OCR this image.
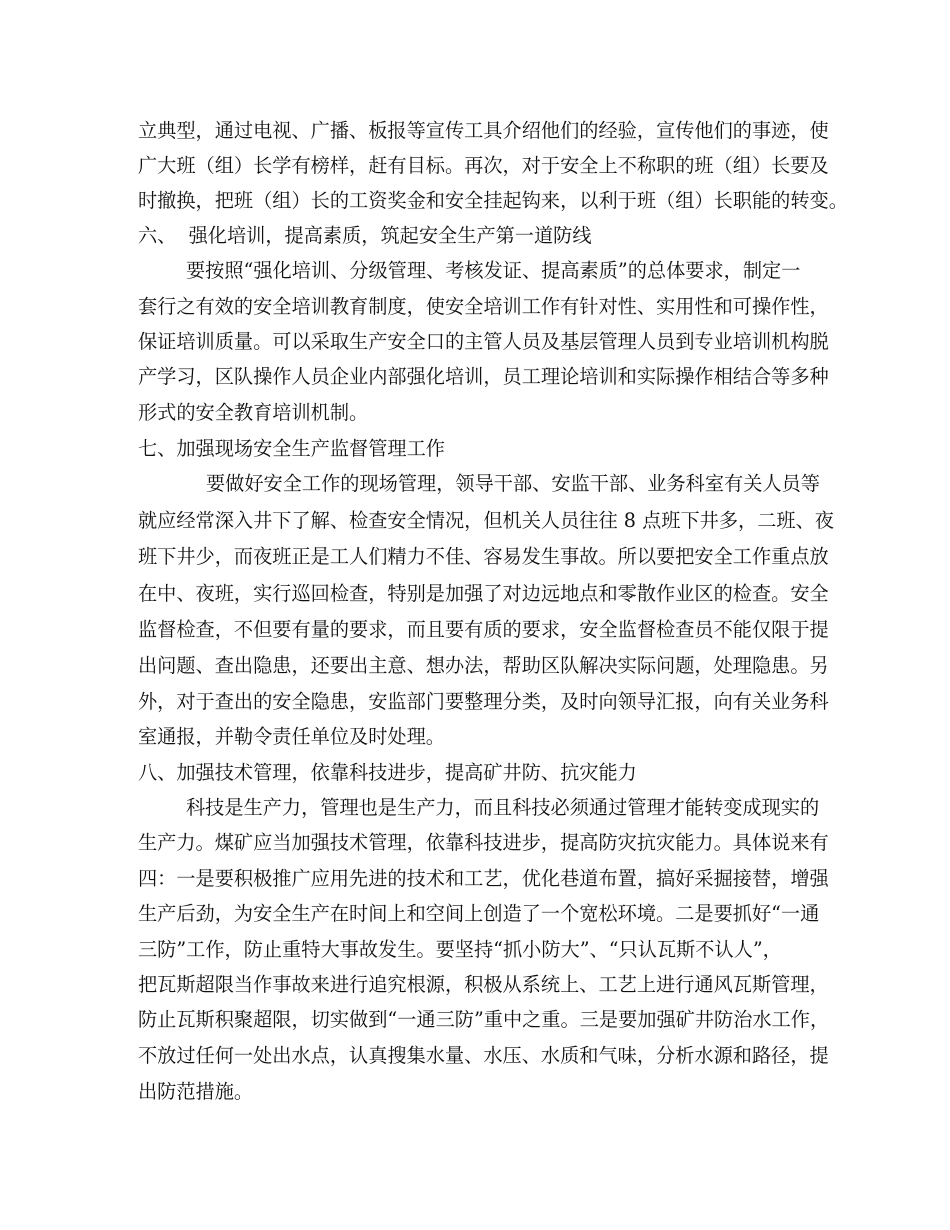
立典型，通过电视、广播、板报等宣传工具介绍他们的经验，宣传他们的事迹，使
广大班（组）长学有榜样，赶有目标。再次，对于安全上不称职的班（组）长要及
时撤换，把班（组）长的工资奖金和安全挂起钩来，以利于班（组）长职能的转变。
六、  强化培训，提高素质，筑起安全生产第一道防线
要按照“强化培训、分级管理、考核发证、提高素质”的总体要求，制定一
套行之有效的安全培训教育制度，使安全培训工作有针对性、实用性和可操作性，
保证培训质量。可以采取生产安全口的主管人员及基层管理人员到专业培训机构脱
产学习，区队操作人员企业内部强化培训，员工理论培训和实际操作相结合等多种
形式的安全教育培训机制。
七、加强现场安全生产监督管理工作
要做好安全工作的现场管理，领导干部、安监干部、业务科室有关人员等
就应经常深入井下了解、检查安全情况，但机关人员往往 8 点班下井多，二班、夜
班下井少，而夜班正是工人们精力不佳、容易发生事故。所以要把安全工作重点放
在中、夜班，实行巡回检查，特别是加强了对边远地点和零散作业区的检查。安全
监督检查，不但要有量的要求，而且要有质的要求，安全监督检查员不能仅限于提
出问题、查出隐患，还要出主意、想办法，帮助区队解决实际问题，处理隐患。另
外，对于查出的安全隐患，安监部门要整理分类，及时向领导汇报，向有关业务科
室通报，并勒令责任单位及时处理。
八、加强技术管理，依靠科技进步，提高矿井防、抗灾能力
科技是生产力，管理也是生产力，而且科技必须通过管理才能转变成现实的
生产力。煤矿应当加强技术管理，依靠科技进步，提高防灾抗灾能力。具体说来有
四：一是要积极推广应用先进的技术和工艺，优化巷道布置，搞好采掘接替，增强
生产后劲，为安全生产在时间上和空间上创造了一个宽松环境。二是要抓好“一通
三防”工作，防止重特大事故发生。要坚持“抓小防大”、“只认瓦斯不认人”，
把瓦斯超限当作事故来进行追究根源，积极从系统上、工艺上进行通风瓦斯管理，
防止瓦斯积聚超限，切实做到“一通三防”重中之重。三是要加强矿井防治水工作，
不放过任何一处出水点，认真搜集水量、水压、水质和气味，分析水源和路径，提
出防范措施。
